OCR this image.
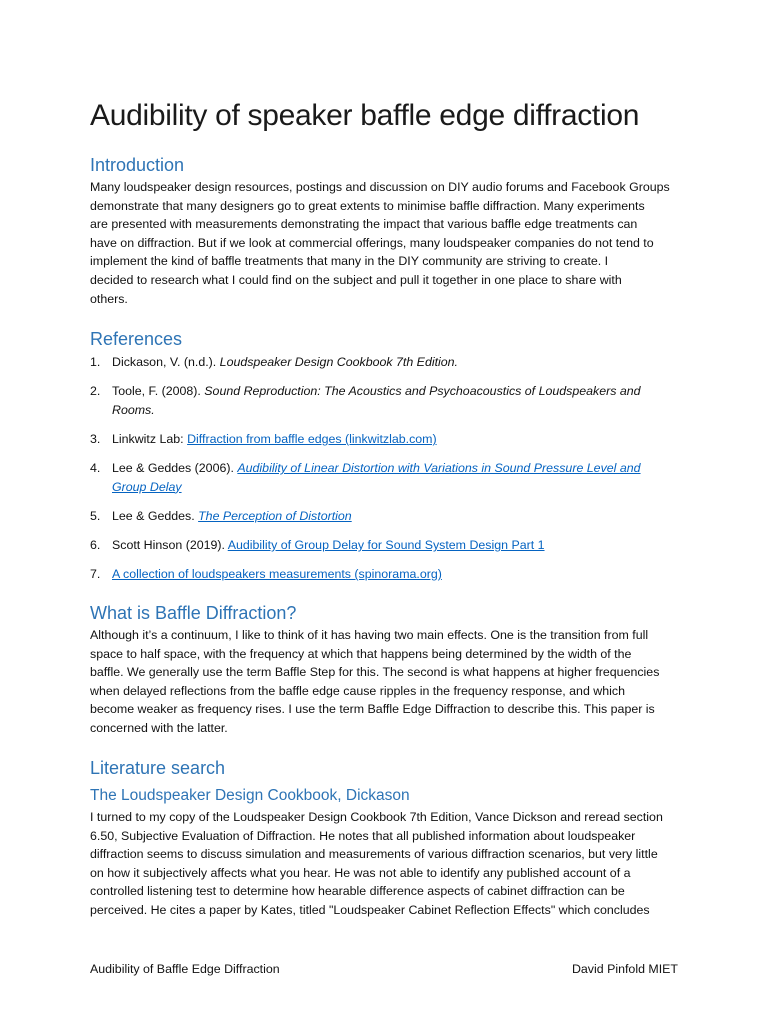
Audibility of speaker baffle edge diffraction
Introduction
Many loudspeaker design resources, postings and discussion on DIY audio forums and Facebook Groups
demonstrate that many designers go to great extents to minimise baffle diffraction. Many experiments
are presented with measurements demonstrating the impact that various baffle edge treatments can
have on diffraction. But if we look at commercial offerings, many loudspeaker companies do not tend to
implement the kind of baffle treatments that many in the DIY community are striving to create. I
decided to research what I could find on the subject and pull it together in one place to share with
others.
References
1. Dickason, V. (n.d.). Loudspeaker Design Cookbook 7th Edition.
2. Toole, F. (2008). Sound Reproduction: The Acoustics and Psychoacoustics of Loudspeakers and
Rooms.
3. Linkwitz Lab: Diffraction from baffle edges (linkwitzlab.com)
4. Lee & Geddes (2006). Audibility of Linear Distortion with Variations in Sound Pressure Level andGroup Delay
5. Lee & Geddes. The Perception of Distortion
6. Scott Hinson (2019). Audibility of Group Delay for Sound System Design Part 1
7. A collection of loudspeakers measurements (spinorama.org)
What is Baffle Diffraction?
Although it’s a continuum, I like to think of it has having two main effects. One is the transition from full
space to half space, with the frequency at which that happens being determined by the width of the
baffle. We generally use the term Baffle Step for this. The second is what happens at higher frequencies
when delayed reflections from the baffle edge cause ripples in the frequency response, and which
become weaker as frequency rises. I use the term Baffle Edge Diffraction to describe this. This paper is
concerned with the latter.
Literature search
The Loudspeaker Design Cookbook, Dickason
I turned to my copy of the Loudspeaker Design Cookbook 7th Edition, Vance Dickson and reread section
6.50, Subjective Evaluation of Diffraction. He notes that all published information about loudspeaker
diffraction seems to discuss simulation and measurements of various diffraction scenarios, but very little
on how it subjectively affects what you hear. He was not able to identify any published account of a
controlled listening test to determine how hearable difference aspects of cabinet diffraction can be
perceived. He cites a paper by Kates, titled "Loudspeaker Cabinet Reflection Effects" which concludes
Audibility of Baffle Edge Diffraction	David Pinfold MIET
